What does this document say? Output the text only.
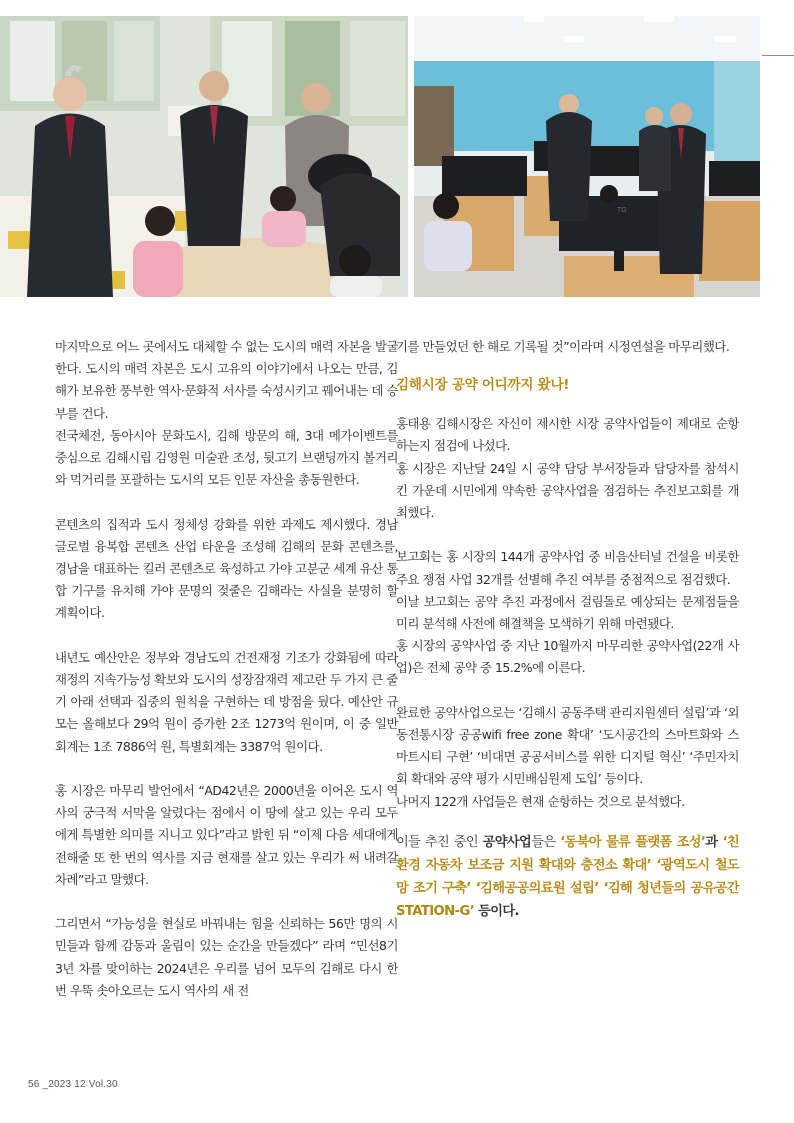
TG

마지막으로 어느 곳에서도 대체할 수 없는 도시의 매력 자본을 발굴한다. 도시의 매력 자본은 도시 고유의 이야기에서 나오는 만큼, 김해가 보유한 풍부한 역사·문화적 서사를 숙성시키고 꿰어내는 데 승부를 건다.

전국체전, 동아시아 문화도시, 김해 방문의 해, 3대 메가이벤트를 중심으로 김해시립 김영원 미술관 조성, 뒷고기 브랜딩까지 볼거리와 먹거리를 포괄하는 도시의 모든 인문 자산을 총동원한다.

콘텐츠의 집적과 도시 정체성 강화를 위한 과제도 제시했다. 경남 글로벌 융복합 콘텐츠 산업 타운을 조성해 김해의 문화 콘텐츠를, 경남을 대표하는 킬러 콘텐츠로 육성하고 가야 고분군 세계 유산 통합 기구를 유치해 가야 문명의 젖줄은 김해라는 사실을 분명히 할 계획이다.

내년도 예산안은 정부와 경남도의 건전재정 기조가 강화됨에 따라 재정의 지속가능성 확보와 도시의 성장잠재력 제고란 두 가지 큰 줄기 아래 선택과 집중의 원칙을 구현하는 데 방점을 뒀다. 예산안 규모는 올해보다 29억 원이 증가한 2조 1273억 원이며, 이 중 일반회계는 1조 7886억 원, 특별회계는 3387억 원이다.

홍 시장은 마무리 발언에서 “AD42년은 2000년을 이어온 도시 역사의 궁극적 서막을 알렸다는 점에서 이 땅에 살고 있는 우리 모두에게 특별한 의미를 지니고 있다”라고 밝힌 뒤 “이제 다음 세대에게 전해줄 또 한 번의 역사를 지금 현재를 살고 있는 우리가 써 내려갈 차례”라고 말했다.

그리면서 “가능성을 현실로 바꿔내는 힘을 신뢰하는 56만 명의 시민들과 함께 감동과 울림이 있는 순간을 만들겠다” 라며 “민선8기 3년 차를 맞이하는 2024년은 우리를 넘어 모두의 김해로 다시 한번 우뚝 솟아오르는 도시 역사의 새 전

기를 만들었던 한 해로 기록될 것”이라며 시정연설을 마무리했다.

김해시장 공약 어디까지 왔나!

홍태용 김해시장은 자신이 제시한 시장 공약사업들이 제대로 순항하는지 점검에 나섰다.

홍 시장은 지난달 24일 시 공약 담당 부서장들과 담당자를 참석시킨 가운데 시민에게 약속한 공약사업을 점검하는 추진보고회를 개최했다.

보고회는 홍 시장의 144개 공약사업 중 비음산터널 건설을 비롯한 주요 쟁점 사업 32개를 선별해 추진 여부를 중점적으로 점검했다.

이날 보고회는 공약 추진 과정에서 걸림돌로 예상되는 문제점들을 미리 분석해 사전에 해결책을 모색하기 위해 마련됐다.

홍 시장의 공약사업 중 지난 10월까지 마무리한 공약사업(22개 사업)은 전체 공약 중 15.2%에 이른다.

완료한 공약사업으로는 ‘김해시 공동주택 관리지원센터 설립’과 ‘외동전통시장 공공wifi free zone 확대’ ‘도시공간의 스마트화와 스마트시티 구현’ ‘비대면 공공서비스를 위한 디지털 혁신’ ‘주민자치회 확대와 공약 평가 시민배심원제 도입’ 등이다.

나머지 122개 사업들은 현재 순항하는 것으로 분석했다.

이들 추진 중인 공약사업들은 ‘동북아 물류 플랫폼 조성’과 ‘친환경 자동차 보조금 지원 확대와 충전소 확대’ ‘광역도시 철도망 조기 구축’ ‘김해공공의료원 설립’ ‘김해 청년들의 공유공간 STATION-G’ 등이다.

56 _2023 12 Vol.30
